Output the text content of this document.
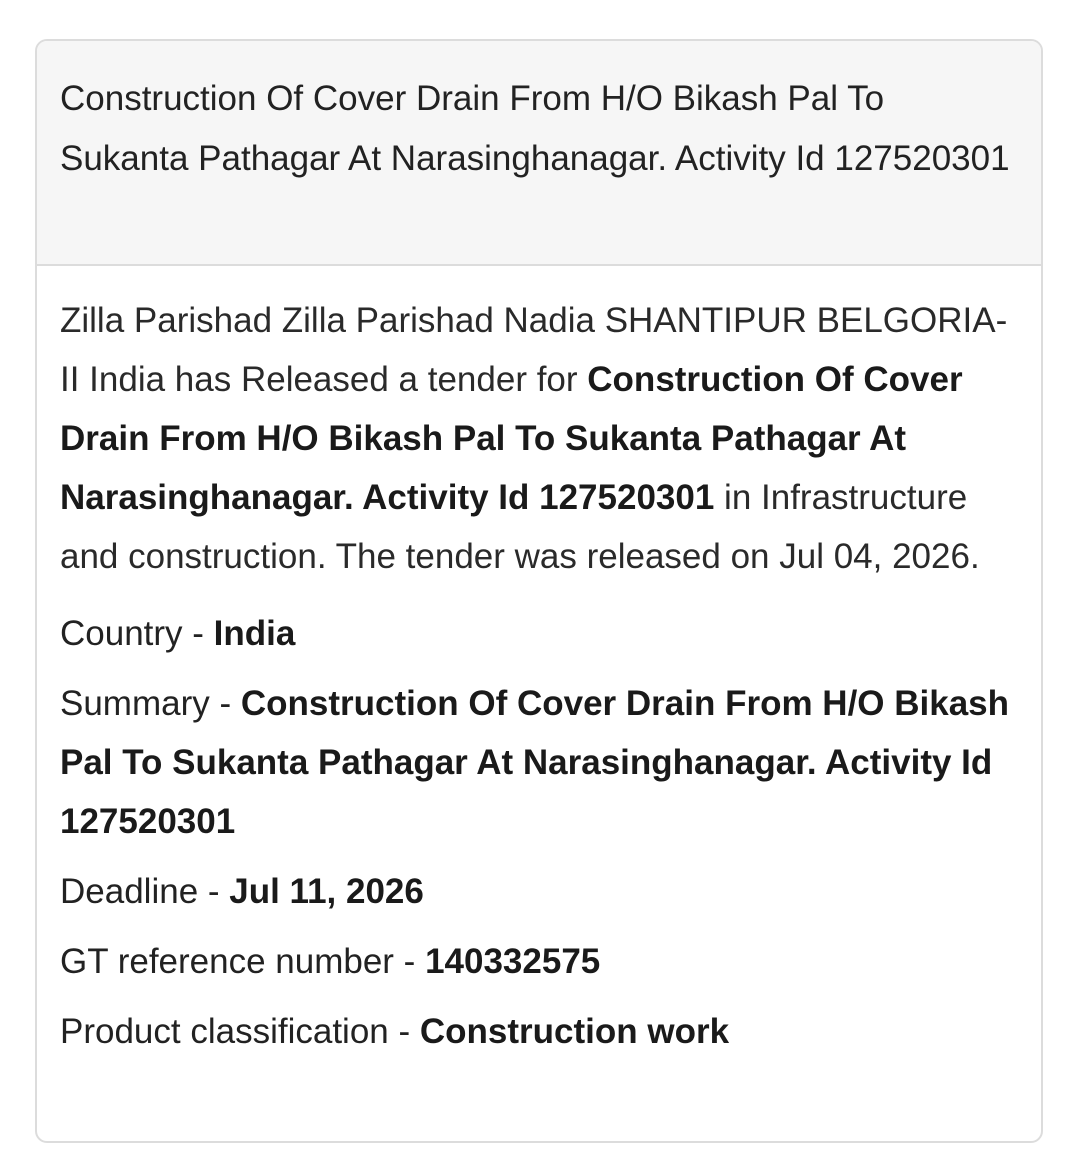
Construction Of Cover Drain From H/O Bikash Pal To Sukanta Pathagar At Narasinghanagar. Activity Id 127520301

Zilla Parishad Zilla Parishad Nadia SHANTIPUR BELGORIA-II India has Released a tender for Construction Of Cover Drain From H/O Bikash Pal To Sukanta Pathagar At Narasinghanagar. Activity Id 127520301 in Infrastructure and construction. The tender was released on Jul 04, 2026.

Country - India

Summary - Construction Of Cover Drain From H/O Bikash Pal To Sukanta Pathagar At Narasinghanagar. Activity Id 127520301

Deadline - Jul 11, 2026

GT reference number - 140332575

Product classification - Construction work
